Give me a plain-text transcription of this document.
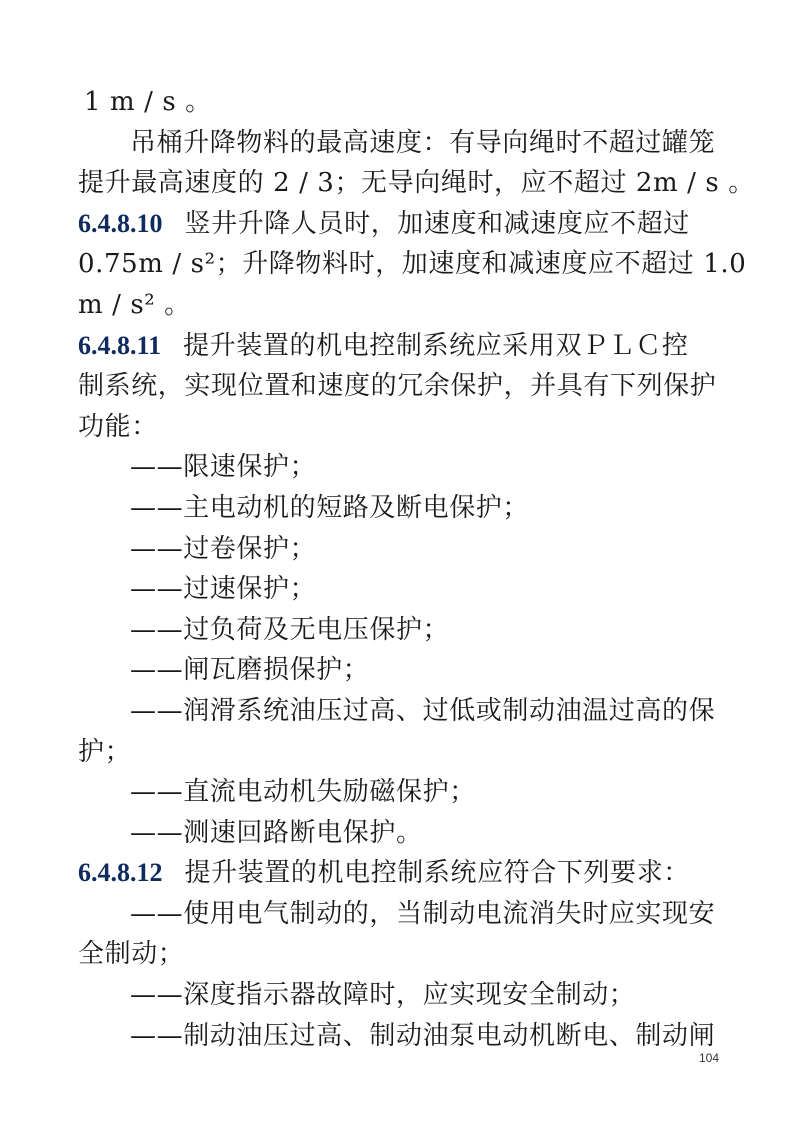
1 m / s 。
吊桶升降物料的最高速度：有导向绳时不超过罐笼
提升最高速度的 2 / 3；无导向绳时，应不超过 2m / s 。
6.4.8.10 竖井升降人员时，加速度和减速度应不超过
0.75m / s²；升降物料时，加速度和减速度应不超过 1.0
m / s² 。
6.4.8.11 提升装置的机电控制系统应采用双ＰＬＣ控
制系统，实现位置和速度的冗余保护，并具有下列保护
功能：
——限速保护；
——主电动机的短路及断电保护；
——过卷保护；
——过速保护；
——过负荷及无电压保护；
——闸瓦磨损保护；
——润滑系统油压过高、过低或制动油温过高的保
护；
——直流电动机失励磁保护；
——测速回路断电保护。
6.4.8.12 提升装置的机电控制系统应符合下列要求：
——使用电气制动的，当制动电流消失时应实现安
全制动；
——深度指示器故障时，应实现安全制动；
——制动油压过高、制动油泵电动机断电、制动闸
104
